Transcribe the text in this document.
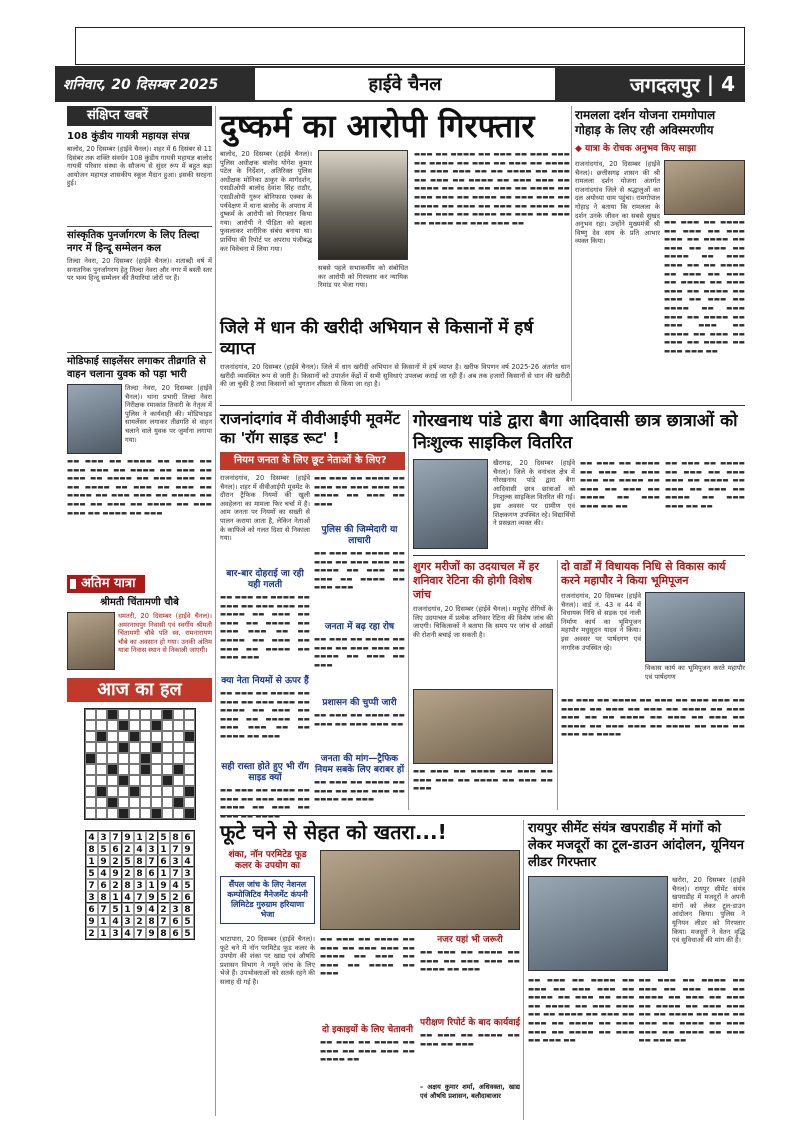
शनिवार, 20 दिसम्बर 2025	हाईवे चैनल	जगदलपुर | 4
संक्षिप्त खबरें
108 कुंडीय गायत्री महायज्ञ संपन्न
बालोद, 20 दिसम्बर (हाईवे चैनल)। शहर में 6 दिसंबर से 11 दिसंबर तक शक्ति संवर्धन 108 कुंडीय गायत्री महायज्ञ बालोद गायत्री परिवार संस्था के सौजन्य से सुंदर रूप में बहुत बड़ा आयोजन महायज्ञ शासकीय स्कूल मैदान हुआ। इसकी सरहना हुई।
सांस्कृतिक पुनर्जागरण के लिए तिल्दा नगर में हिन्दू सम्मेलन कल
तिल्दा नेवरा, 20 दिसम्बर (हाईवे चैनल)। शताब्दी वर्ष में सनातनिक पुनर्जागरण हेतु तिल्दा नेवरा और नगर में बस्ती स्तर पर भव्य हिन्दू सम्मेलन की तैयारियां जोरों पर हैं।
मोडिफाई साइलेंसर लगाकर तीव्रगति से वाहन चलाना युवक को पड़ा भारी
तिल्दा नेवरा, 20 दिसम्बर (हाईवे चैनल)। थाना प्रभारी तिल्दा नेवरा निरीक्षक रमाकांत तिवारी के नेतृत्व में पुलिस ने कार्यवाही की। मोडिफाइड सायलेंसर लगाकर तीव्रगति से वाहन चलाने वाले युवक पर जुर्माना लगाया गया।
▬▬ ▬▬▬ ▬▬ ▬▬▬▬ ▬▬ ▬▬▬ ▬▬ ▬▬▬ ▬▬▬ ▬▬ ▬▬▬▬ ▬▬ ▬▬▬ ▬▬ ▬▬▬ ▬▬ ▬▬▬▬ ▬▬ ▬▬▬ ▬▬▬ ▬▬ ▬▬ ▬▬▬▬ ▬▬ ▬▬▬ ▬▬ ▬▬▬ ▬▬ ▬▬▬▬ ▬▬ ▬▬▬ ▬▬▬ ▬▬ ▬▬▬▬ ▬▬ ▬▬▬ ▬▬ ▬▬▬ ▬▬ ▬▬▬▬ ▬▬ ▬▬▬ ▬▬▬ ▬▬ ▬▬▬▬ ▬▬ ▬▬▬
अतिम यात्रा
श्रीमती चिंतामणी चौबे
धमतरी, 20 दिसम्बर (हाईवे चैनल)। अमरनाथपुर निवासी एवं स्वर्गीय श्रीमती चिंतामणी चौबे पति स्व. रामनारायण चौबे का अवसान हो गया। उनकी अंतिम यात्रा निवास स्थान से निकाली जाएगी।
आज का हल
4 3 7 9 1 2 5 8 6
8 5 6 2 4 3 1 7 9
1 9 2 5 8 7 6 3 4
5 4 9 2 8 6 1 7 3
7 6 2 8 3 1 9 4 5
3 8 1 4 7 9 5 2 6
6 7 5 1 9 4 2 3 8
9 1 4 3 2 8 7 6 5
2 1 3 4 7 9 8 6 5
दुष्कर्म का आरोपी गिरफ्तार
बालोद, 20 दिसम्बर (हाईवे चैनल)। पुलिस अधीक्षक बालोद योगेश कुमार पटेल के निर्देशन, अतिरिक्त पुलिस अधीक्षक मोनिका ठाकुर के मार्गदर्शन, एसडीओपी बालोद देवांश सिंह राठौर, एसडीओपी गुरूर बोनिफास एक्का के पर्यवेक्षण में थाना बालोद के अपराध में दुष्कर्म के आरोपी को गिरफ्तार किया गया। आरोपी ने पीड़िता को बहला फुसलाकर शारीरिक संबंध बनाया था। प्रार्थिया की रिपोर्ट पर अपराध पंजीबद्ध कर विवेचना में लिया गया।
सबसे पहले सभाकर्मीय को संबोधित कर आरोपी को गिरफ्तार कर न्यायिक रिमांड पर भेजा गया।
▬▬▬ ▬▬ ▬▬▬▬ ▬▬ ▬▬▬ ▬▬ ▬▬▬ ▬▬▬ ▬▬ ▬▬▬▬ ▬▬ ▬▬▬ ▬▬ ▬▬▬ ▬▬ ▬▬▬▬ ▬▬ ▬▬▬ ▬▬▬ ▬▬ ▬▬ ▬▬▬▬ ▬▬ ▬▬▬ ▬▬ ▬▬▬ ▬▬ ▬▬▬▬ ▬▬ ▬▬▬ ▬▬▬ ▬▬ ▬▬▬▬ ▬▬ ▬▬▬ ▬▬ ▬▬▬ ▬▬ ▬▬▬▬ ▬▬ ▬▬▬ ▬▬▬ ▬▬ ▬▬▬▬ ▬▬ ▬▬▬ ▬▬▬ ▬▬ ▬▬▬▬ ▬▬ ▬▬▬ ▬▬ ▬▬▬ ▬▬ ▬▬▬▬ ▬▬ ▬▬▬ ▬▬▬ ▬▬ ▬▬▬▬ ▬▬ ▬▬▬ ▬▬ ▬▬▬ ▬▬ ▬▬▬▬ ▬▬ ▬▬▬ ▬▬▬ ▬▬
रामलला दर्शन योजना रामगोपाल गोहाड़ के लिए रही अविस्मरणीय
◆ यात्रा के रोचक अनुभव किए साझा
राजनांदगांव, 20 दिसम्बर (हाईवे चैनल)। छत्तीसगढ़ शासन की श्री रामलला दर्शन योजना अंतर्गत राजनांदगांव जिले से श्रद्धालुओं का दल अयोध्या धाम पहुंचा। रामगोपाल गोहाड़ ने बताया कि रामलला के दर्शन उनके जीवन का सबसे सुखद अनुभव रहा। उन्होंने मुख्यमंत्री श्री विष्णु देव साय के प्रति आभार व्यक्त किया।
▬▬ ▬▬▬ ▬▬ ▬▬▬▬ ▬▬ ▬▬▬ ▬▬ ▬▬▬ ▬▬▬ ▬▬ ▬▬▬▬ ▬▬ ▬▬▬ ▬▬ ▬▬▬ ▬▬ ▬▬▬▬ ▬▬ ▬▬▬ ▬▬▬ ▬▬ ▬▬ ▬▬▬▬ ▬▬ ▬▬▬ ▬▬ ▬▬▬ ▬▬ ▬▬▬▬ ▬▬ ▬▬▬ ▬▬▬ ▬▬ ▬▬▬▬ ▬▬ ▬▬▬ ▬▬ ▬▬▬ ▬▬ ▬▬▬▬ ▬▬ ▬▬▬ ▬▬▬ ▬▬ ▬▬▬▬ ▬▬ ▬▬▬ ▬▬▬ ▬▬ ▬▬▬▬ ▬▬ ▬▬▬ ▬▬ ▬▬▬ ▬▬ ▬▬▬▬ ▬▬ ▬▬▬ ▬▬▬ ▬▬
जिले में धान की खरीदी अभियान से किसानों में हर्ष व्याप्त
राजनांदगांव, 20 दिसम्बर (हाईवे चैनल)। जिले में धान खरीदी अभियान से किसानों में हर्ष व्याप्त है। खरीफ विपणन वर्ष 2025-26 अंतर्गत धान खरीदी व्यवस्थित रूप से जारी है। किसानों को उपार्जन केंद्रों में सभी सुविधाएं उपलब्ध कराई जा रही हैं। अब तक हजारों किसानों से धान की खरीदी की जा चुकी है तथा किसानों को भुगतान शीघ्रता से किया जा रहा है।
राजनांदगांव में वीवीआईपी मूवमेंट का 'रॉग साइड रूट' !
नियम जनता के लिए छूट नेताओं के लिए?
राजनांदगांव, 20 दिसम्बर (हाईवे चैनल)। शहर में वीवीआईपी मूवमेंट के दौरान ट्रैफिक नियमों की खुली अवहेलना का मामला फिर चर्चा में है। आम जनता पर नियमों का सख्ती से पालन कराया जाता है, लेकिन नेताओं के काफिले को गलत दिशा से निकाला गया।
बार-बार दोहराई जा रही यही गलती
▬▬ ▬▬▬ ▬▬ ▬▬▬▬ ▬▬ ▬▬▬ ▬▬ ▬▬▬ ▬▬▬ ▬▬ ▬▬▬▬ ▬▬ ▬▬▬ ▬▬ ▬▬▬ ▬▬ ▬▬▬▬ ▬▬ ▬▬▬ ▬▬▬ ▬▬ ▬▬ ▬▬▬▬ ▬▬ ▬▬▬ ▬▬ ▬▬▬ ▬▬ ▬▬▬▬ ▬▬ ▬▬▬ ▬▬▬
क्या नेता नियमों से ऊपर हैं
▬▬ ▬▬▬ ▬▬ ▬▬▬▬ ▬▬ ▬▬▬ ▬▬ ▬▬▬ ▬▬▬ ▬▬ ▬▬▬▬ ▬▬ ▬▬▬ ▬▬ ▬▬▬ ▬▬ ▬▬▬▬ ▬▬ ▬▬▬ ▬▬▬ ▬▬ ▬▬ ▬▬▬▬ ▬▬ ▬▬▬
सही रास्ता होते हुए भी रॉग साइड क्यों
▬▬ ▬▬▬ ▬▬ ▬▬▬▬ ▬▬ ▬▬▬ ▬▬ ▬▬▬ ▬▬▬ ▬▬ ▬▬▬▬ ▬▬ ▬▬▬ ▬▬
▬▬ ▬▬▬ ▬▬ ▬▬▬▬ ▬▬ ▬▬▬ ▬▬ ▬▬▬ ▬▬▬ ▬▬ ▬▬▬▬ ▬▬ ▬▬▬ ▬▬ ▬▬▬
पुलिस की जिम्मेदारी या लाचारी
▬▬ ▬▬▬ ▬▬ ▬▬▬▬ ▬▬ ▬▬▬ ▬▬ ▬▬▬ ▬▬▬ ▬▬ ▬▬▬▬ ▬▬ ▬▬▬ ▬▬ ▬▬▬ ▬▬ ▬▬▬▬ ▬▬ ▬▬▬ ▬▬▬
जनता में बढ़ रहा रोष
▬▬ ▬▬▬ ▬▬ ▬▬▬▬ ▬▬ ▬▬▬ ▬▬ ▬▬▬ ▬▬▬ ▬▬ ▬▬▬▬ ▬▬ ▬▬▬ ▬▬ ▬▬▬
प्रशासन की चुप्पी जारी
▬▬ ▬▬▬ ▬▬ ▬▬▬▬ ▬▬ ▬▬▬ ▬▬ ▬▬▬ ▬▬▬ ▬▬
जनता की मांग—ट्रैफिक नियम सबके लिए बराबर हों
▬▬ ▬▬▬ ▬▬ ▬▬▬▬ ▬▬ ▬▬▬ ▬▬ ▬▬▬ ▬▬▬ ▬▬ ▬▬▬▬ ▬▬ ▬▬▬
गोरखनाथ पांडे द्वारा बैगा आदिवासी छात्र छात्राओं को निःशुल्क साइकिल वितरित
खैरागढ़, 20 दिसम्बर (हाईवे चैनल)। जिले के वनांचल क्षेत्र में गोरखनाथ पांडे द्वारा बैगा आदिवासी छात्र छात्राओं को निःशुल्क साइकिल वितरित की गई। इस अवसर पर ग्रामीण एवं शिक्षकगण उपस्थित रहे। विद्यार्थियों ने प्रसन्नता व्यक्त की।
▬▬ ▬▬▬ ▬▬ ▬▬▬▬ ▬▬ ▬▬▬ ▬▬ ▬▬▬ ▬▬▬ ▬▬ ▬▬▬▬ ▬▬ ▬▬▬ ▬▬ ▬▬▬ ▬▬ ▬▬▬▬ ▬▬ ▬▬▬ ▬▬▬ ▬▬ ▬▬
▬▬ ▬▬▬ ▬▬ ▬▬▬▬ ▬▬ ▬▬▬ ▬▬ ▬▬▬ ▬▬▬ ▬▬ ▬▬▬▬ ▬▬ ▬▬▬ ▬▬ ▬▬▬ ▬▬ ▬▬▬▬ ▬▬ ▬▬▬ ▬▬▬ ▬▬ ▬▬
शुगर मरीजों का उदयाचल में हर शनिवार रेटिना की होगी विशेष जांच
राजनांदगांव, 20 दिसम्बर (हाईवे चैनल)। मधुमेह रोगियों के लिए उदयाचल में प्रत्येक शनिवार रेटिना की विशेष जांच की जाएगी। चिकित्सकों ने बताया कि समय पर जांच से आंखों की रोशनी बचाई जा सकती है।
▬▬ ▬▬▬ ▬▬ ▬▬▬▬ ▬▬ ▬▬▬ ▬▬ ▬▬▬ ▬▬▬ ▬▬ ▬▬▬▬ ▬▬ ▬▬▬ ▬▬ ▬▬▬
दो वार्डों में विधायक निधि से विकास कार्य करने महापौर ने किया भूमिपूजन
राजनांदगांव, 20 दिसम्बर (हाईवे चैनल)। वार्ड नं. 43 व 44 में विधायक निधि से सड़क एवं नाली निर्माण कार्य का भूमिपूजन महापौर मधुसूदन यादव ने किया। इस अवसर पर पार्षदगण एवं नागरिक उपस्थित रहे।
विकास कार्य का भूमिपूजन करते महापौर एवं पार्षदगण
▬▬ ▬▬▬ ▬▬ ▬▬▬▬ ▬▬ ▬▬▬ ▬▬ ▬▬▬ ▬▬▬ ▬▬ ▬▬▬▬ ▬▬ ▬▬▬ ▬▬ ▬▬▬ ▬▬ ▬▬▬▬ ▬▬ ▬▬▬ ▬▬▬ ▬▬ ▬▬ ▬▬▬▬ ▬▬ ▬▬▬ ▬▬ ▬▬▬ ▬▬ ▬▬▬▬ ▬▬ ▬▬▬ ▬▬▬ ▬▬ ▬▬▬▬ ▬▬ ▬▬▬ ▬▬ ▬▬▬ ▬▬ ▬▬▬▬
फूटे चने से सेहत को खतरा...!
शंका, नॉन परमिटेड फूड कलर के उपयोग का
सैंपल जांच के लिए नेशनल कम्पोजिटिव मैनेजमेंट कंपनी लिमिटेड गुरुग्राम हरियाणा भेजा
भाटापारा, 20 दिसम्बर (हाईवे चैनल)। फूटे चने में नॉन परमिटेड फूड कलर के उपयोग की शंका पर खाद्य एवं औषधि प्रशासन विभाग ने नमूने जांच के लिए भेजे हैं। उपभोक्ताओं को सतर्क रहने की सलाह दी गई है।
▬▬ ▬▬▬ ▬▬ ▬▬▬▬ ▬▬ ▬▬▬ ▬▬ ▬▬▬ ▬▬▬ ▬▬ ▬▬▬▬ ▬▬ ▬▬▬ ▬▬ ▬▬▬ ▬▬ ▬▬▬▬ ▬▬ ▬▬▬
दो इकाइयों के लिए चेतावनी
▬▬ ▬▬▬ ▬▬ ▬▬▬▬ ▬▬ ▬▬▬ ▬▬ ▬▬▬ ▬▬▬ ▬▬ ▬▬▬▬ ▬▬
नजर यहां भी जरूरी
▬▬ ▬▬▬ ▬▬ ▬▬▬▬ ▬▬ ▬▬▬ ▬▬ ▬▬▬ ▬▬▬ ▬▬ ▬▬▬▬ ▬▬ ▬▬▬
परीक्षण रिपोर्ट के बाद कार्यवाई
▬▬ ▬▬▬ ▬▬ ▬▬▬▬ ▬▬ ▬▬▬ ▬▬ ▬▬▬
– अक्षय कुमार शर्मा, अधिवक्ता, खाद्य एवं औषधि प्रशासन, बलौदाबाजार
रायपुर सीमेंट संयंत्र खपराडीह में मांगों को लेकर मजदूरों का टूल-डाउन आंदोलन, यूनियन लीडर गिरफ्तार
खरोरा, 20 दिसम्बर (हाईवे चैनल)। रायपुर सीमेंट संयंत्र खपराडीह में मजदूरों ने अपनी मांगों को लेकर टूल-डाउन आंदोलन किया। पुलिस ने यूनियन लीडर को गिरफ्तार किया। मजदूरों ने वेतन वृद्धि एवं सुविधाओं की मांग की है।
▬▬ ▬▬▬ ▬▬ ▬▬▬▬ ▬▬ ▬▬▬ ▬▬ ▬▬▬ ▬▬▬ ▬▬ ▬▬▬▬ ▬▬ ▬▬▬ ▬▬ ▬▬▬ ▬▬ ▬▬▬▬ ▬▬ ▬▬▬ ▬▬▬ ▬▬ ▬▬ ▬▬▬▬ ▬▬ ▬▬▬ ▬▬ ▬▬▬ ▬▬ ▬▬▬▬ ▬▬ ▬▬▬ ▬▬▬ ▬▬ ▬▬▬▬ ▬▬ ▬▬▬ ▬▬ ▬▬▬ ▬▬
▬▬ ▬▬▬ ▬▬ ▬▬▬▬ ▬▬ ▬▬▬ ▬▬ ▬▬▬ ▬▬▬ ▬▬ ▬▬▬▬ ▬▬ ▬▬▬ ▬▬ ▬▬▬ ▬▬ ▬▬▬▬ ▬▬ ▬▬▬ ▬▬▬ ▬▬ ▬▬ ▬▬▬▬ ▬▬ ▬▬▬ ▬▬ ▬▬▬ ▬▬ ▬▬▬▬ ▬▬ ▬▬▬ ▬▬▬ ▬▬ ▬▬▬▬ ▬▬ ▬▬▬ ▬▬ ▬▬▬ ▬▬
